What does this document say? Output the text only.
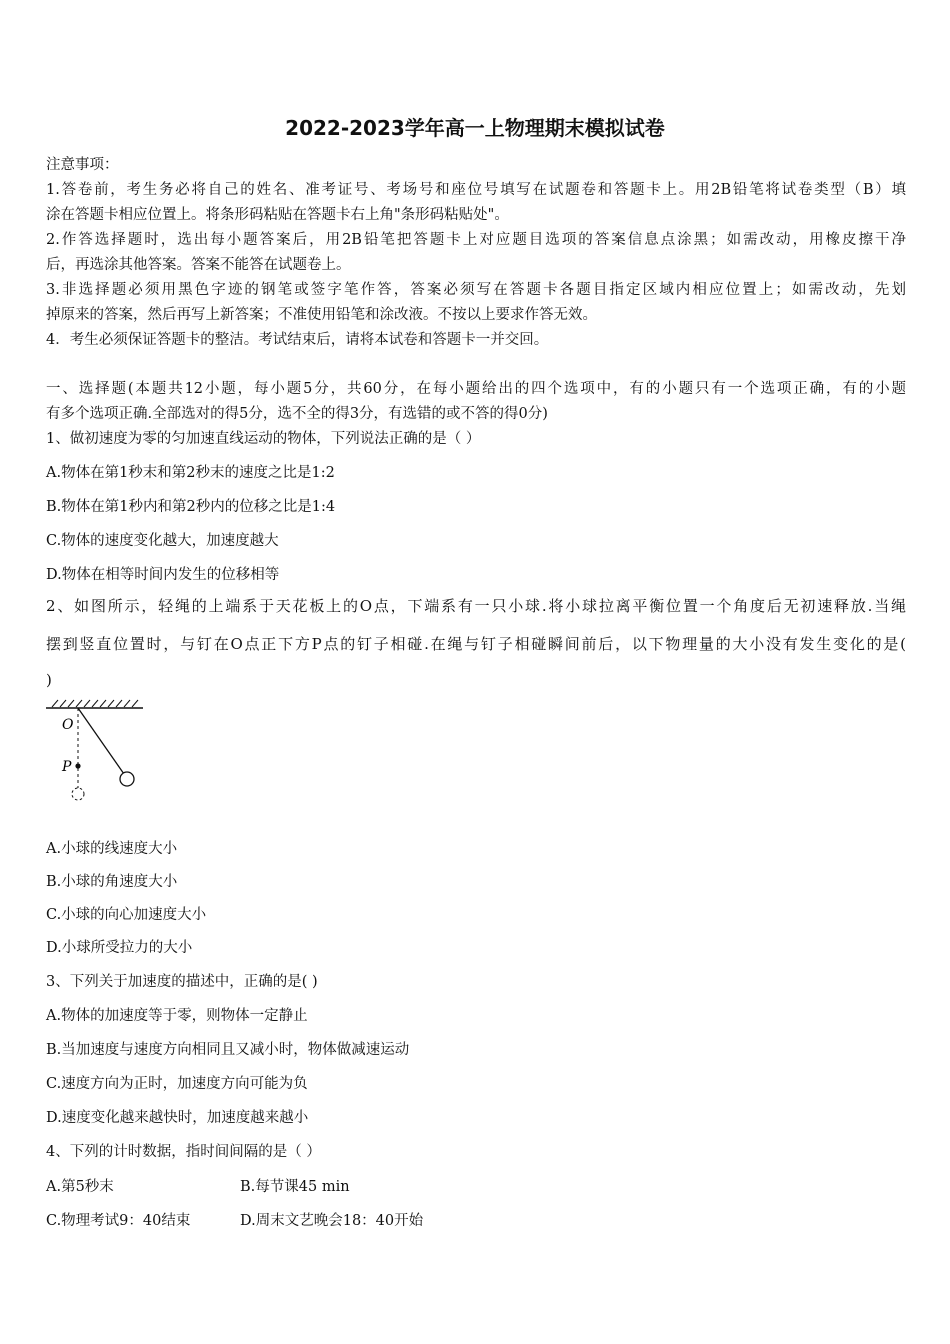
2022-2023学年高一上物理期末模拟试卷
注意事项：
1.答卷前，考生务必将自己的姓名、准考证号、考场号和座位号填写在试题卷和答题卡上。用2B铅笔将试卷类型（B）填
涂在答题卡相应位置上。将条形码粘贴在答题卡右上角"条形码粘贴处"。
2.作答选择题时，选出每小题答案后，用2B铅笔把答题卡上对应题目选项的答案信息点涂黑；如需改动，用橡皮擦干净
后，再选涂其他答案。答案不能答在试题卷上。
3.非选择题必须用黑色字迹的钢笔或签字笔作答，答案必须写在答题卡各题目指定区域内相应位置上；如需改动，先划
掉原来的答案，然后再写上新答案；不准使用铅笔和涂改液。不按以上要求作答无效。
4．考生必须保证答题卡的整洁。考试结束后，请将本试卷和答题卡一并交回。
一、选择题(本题共12小题，每小题5分，共60分，在每小题给出的四个选项中，有的小题只有一个选项正确，有的小题
有多个选项正确.全部选对的得5分，选不全的得3分，有选错的或不答的得0分)
1、做初速度为零的匀加速直线运动的物体，下列说法正确的是（ ）
A.物体在第1秒末和第2秒末的速度之比是1:2
B.物体在第1秒内和第2秒内的位移之比是1:4
C.物体的速度变化越大，加速度越大
D.物体在相等时间内发生的位移相等
2、如图所示，轻绳的上端系于天花板上的O点，下端系有一只小球.将小球拉离平衡位置一个角度后无初速释放.当绳
摆到竖直位置时，与钉在O点正下方P点的钉子相碰.在绳与钉子相碰瞬间前后，以下物理量的大小没有发生变化的是(
)
O
P
A.小球的线速度大小
B.小球的角速度大小
C.小球的向心加速度大小
D.小球所受拉力的大小
3、下列关于加速度的描述中，正确的是( )
A.物体的加速度等于零，则物体一定静止
B.当加速度与速度方向相同且又减小时，物体做减速运动
C.速度方向为正时，加速度方向可能为负
D.速度变化越来越快时，加速度越来越小
4、下列的计时数据，指时间间隔的是（ ）
A.第5秒末	B.每节课45 min
C.物理考试9：40结束	D.周末文艺晚会18：40开始
